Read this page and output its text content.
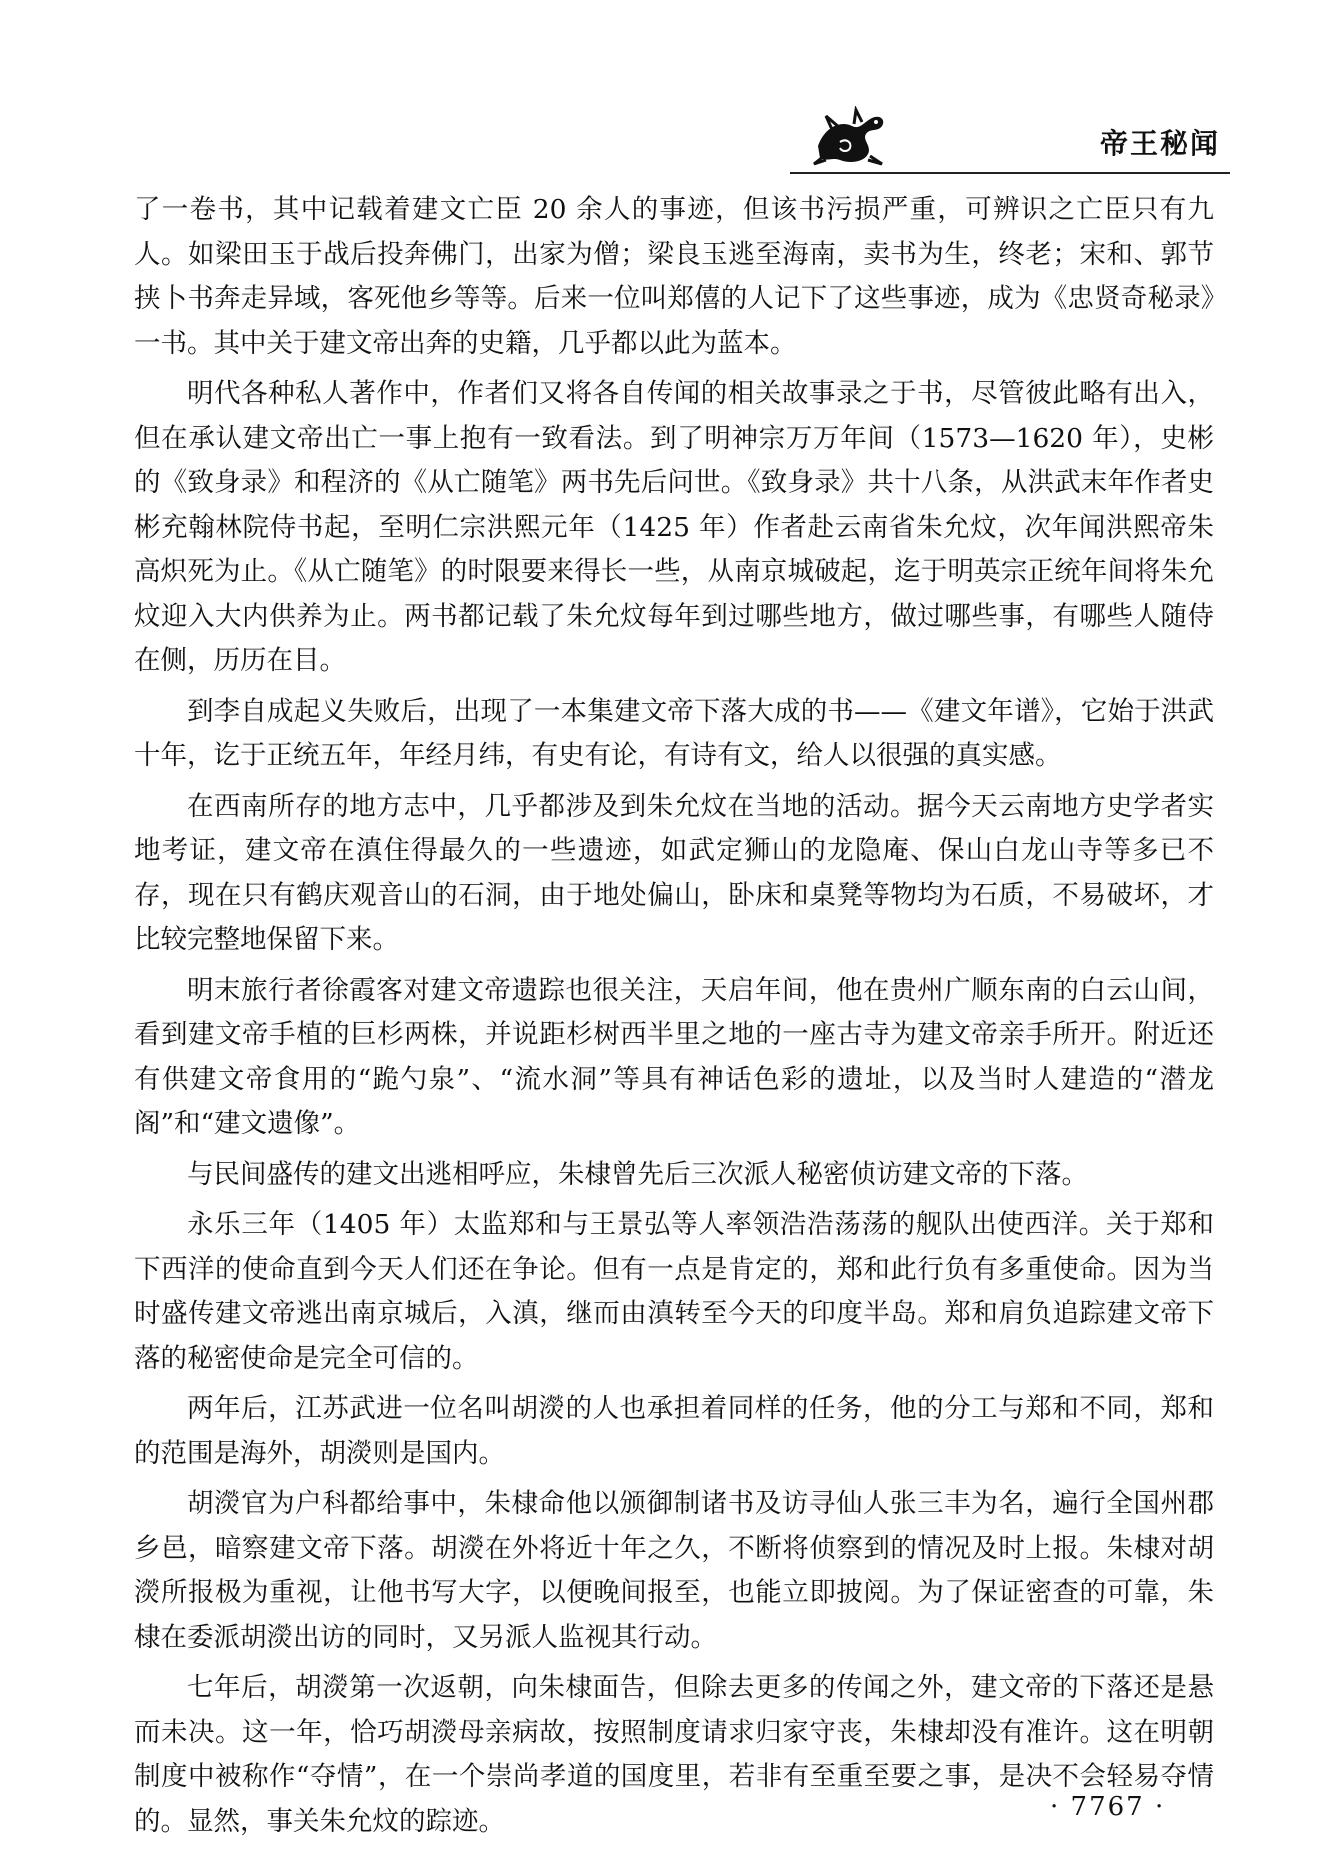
帝王秘闻

了一卷书，其中记载着建文亡臣 20 余人的事迹，但该书污损严重，可辨识之亡臣只有九人。如梁田玉于战后投奔佛门，出家为僧；梁良玉逃至海南，卖书为生，终老；宋和、郭节挟卜书奔走异域，客死他乡等等。后来一位叫郑僖的人记下了这些事迹，成为《忠贤奇秘录》一书。其中关于建文帝出奔的史籍，几乎都以此为蓝本。

明代各种私人著作中，作者们又将各自传闻的相关故事录之于书，尽管彼此略有出入，但在承认建文帝出亡一事上抱有一致看法。到了明神宗万万年间（1573—1620 年），史彬的《致身录》和程济的《从亡随笔》两书先后问世。《致身录》共十八条，从洪武末年作者史彬充翰林院侍书起，至明仁宗洪熙元年（1425 年）作者赴云南省朱允炆，次年闻洪熙帝朱高炽死为止。《从亡随笔》的时限要来得长一些，从南京城破起，迄于明英宗正统年间将朱允炆迎入大内供养为止。两书都记载了朱允炆每年到过哪些地方，做过哪些事，有哪些人随侍在侧，历历在目。

到李自成起义失败后，出现了一本集建文帝下落大成的书——《建文年谱》，它始于洪武十年，讫于正统五年，年经月纬，有史有论，有诗有文，给人以很强的真实感。

在西南所存的地方志中，几乎都涉及到朱允炆在当地的活动。据今天云南地方史学者实地考证，建文帝在滇住得最久的一些遗迹，如武定狮山的龙隐庵、保山白龙山寺等多已不存，现在只有鹤庆观音山的石洞，由于地处偏山，卧床和桌凳等物均为石质，不易破坏，才比较完整地保留下来。

明末旅行者徐霞客对建文帝遗踪也很关注，天启年间，他在贵州广顺东南的白云山间，看到建文帝手植的巨杉两株，并说距杉树西半里之地的一座古寺为建文帝亲手所开。附近还有供建文帝食用的“跪勺泉”、“流水洞”等具有神话色彩的遗址，以及当时人建造的“潜龙阁”和“建文遗像”。

与民间盛传的建文出逃相呼应，朱棣曾先后三次派人秘密侦访建文帝的下落。

永乐三年（1405 年）太监郑和与王景弘等人率领浩浩荡荡的舰队出使西洋。关于郑和下西洋的使命直到今天人们还在争论。但有一点是肯定的，郑和此行负有多重使命。因为当时盛传建文帝逃出南京城后，入滇，继而由滇转至今天的印度半岛。郑和肩负追踪建文帝下落的秘密使命是完全可信的。

两年后，江苏武进一位名叫胡濙的人也承担着同样的任务，他的分工与郑和不同，郑和的范围是海外，胡濙则是国内。

胡濙官为户科都给事中，朱棣命他以颁御制诸书及访寻仙人张三丰为名，遍行全国州郡乡邑，暗察建文帝下落。胡濙在外将近十年之久，不断将侦察到的情况及时上报。朱棣对胡濙所报极为重视，让他书写大字，以便晚间报至，也能立即披阅。为了保证密查的可靠，朱棣在委派胡濙出访的同时，又另派人监视其行动。

七年后，胡濙第一次返朝，向朱棣面告，但除去更多的传闻之外，建文帝的下落还是悬而未决。这一年，恰巧胡濙母亲病故，按照制度请求归家守丧，朱棣却没有准许。这在明朝制度中被称作“夺情”，在一个崇尚孝道的国度里，若非有至重至要之事，是决不会轻易夺情的。显然，事关朱允炆的踪迹。	· 7767 ·
